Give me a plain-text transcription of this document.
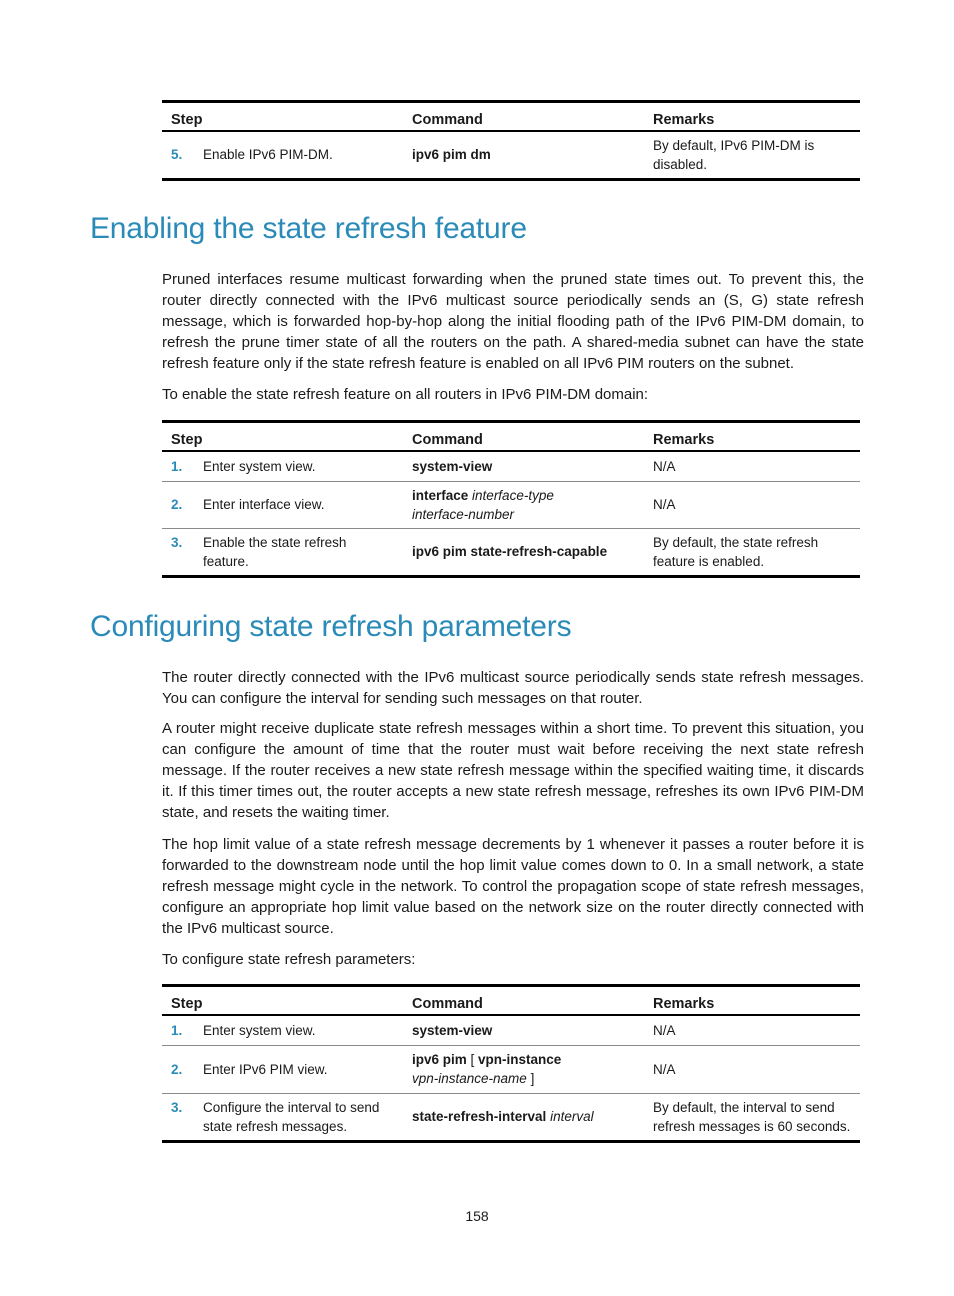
Step	Command	Remarks

5. Enable IPv6 PIM-DM.	ipv6 pim dm	By default, IPv6 PIM-DM is disabled.
Enabling the state refresh feature

Pruned interfaces resume multicast forwarding when the pruned state times out. To prevent this, the router directly connected with the IPv6 multicast source periodically sends an (S, G) state refresh message, which is forwarded hop-by-hop along the initial flooding path of the IPv6 PIM-DM domain, to refresh the prune timer state of all the routers on the path. A shared-media subnet can have the state refresh feature only if the state refresh feature is enabled on all IPv6 PIM routers on the subnet.

To enable the state refresh feature on all routers in IPv6 PIM-DM domain:

Step	Command	Remarks

1. Enter system view.	system-view	N/A

2. Enter interface view.	interface interface-type
interface-number	N/A

3. Enable the state refresh feature.	ipv6 pim state-refresh-capable	By default, the state refresh feature is enabled.
Configuring state refresh parameters

The router directly connected with the IPv6 multicast source periodically sends state refresh messages. You can configure the interval for sending such messages on that router.

A router might receive duplicate state refresh messages within a short time. To prevent this situation, you can configure the amount of time that the router must wait before receiving the next state refresh message. If the router receives a new state refresh message within the specified waiting time, it discards it. If this timer times out, the router accepts a new state refresh message, refreshes its own IPv6 PIM-DM state, and resets the waiting timer.

The hop limit value of a state refresh message decrements by 1 whenever it passes a router before it is forwarded to the downstream node until the hop limit value comes down to 0. In a small network, a state refresh message might cycle in the network. To control the propagation scope of state refresh messages, configure an appropriate hop limit value based on the network size on the router directly connected with the IPv6 multicast source.

To configure state refresh parameters:

Step	Command	Remarks

1. Enter system view.	system-view	N/A

2. Enter IPv6 PIM view.	ipv6 pim [ vpn-instance
vpn-instance-name ]	N/A

3. Configure the interval to send state refresh messages.	state-refresh-interval interval	By default, the interval to send refresh messages is 60 seconds.
158
